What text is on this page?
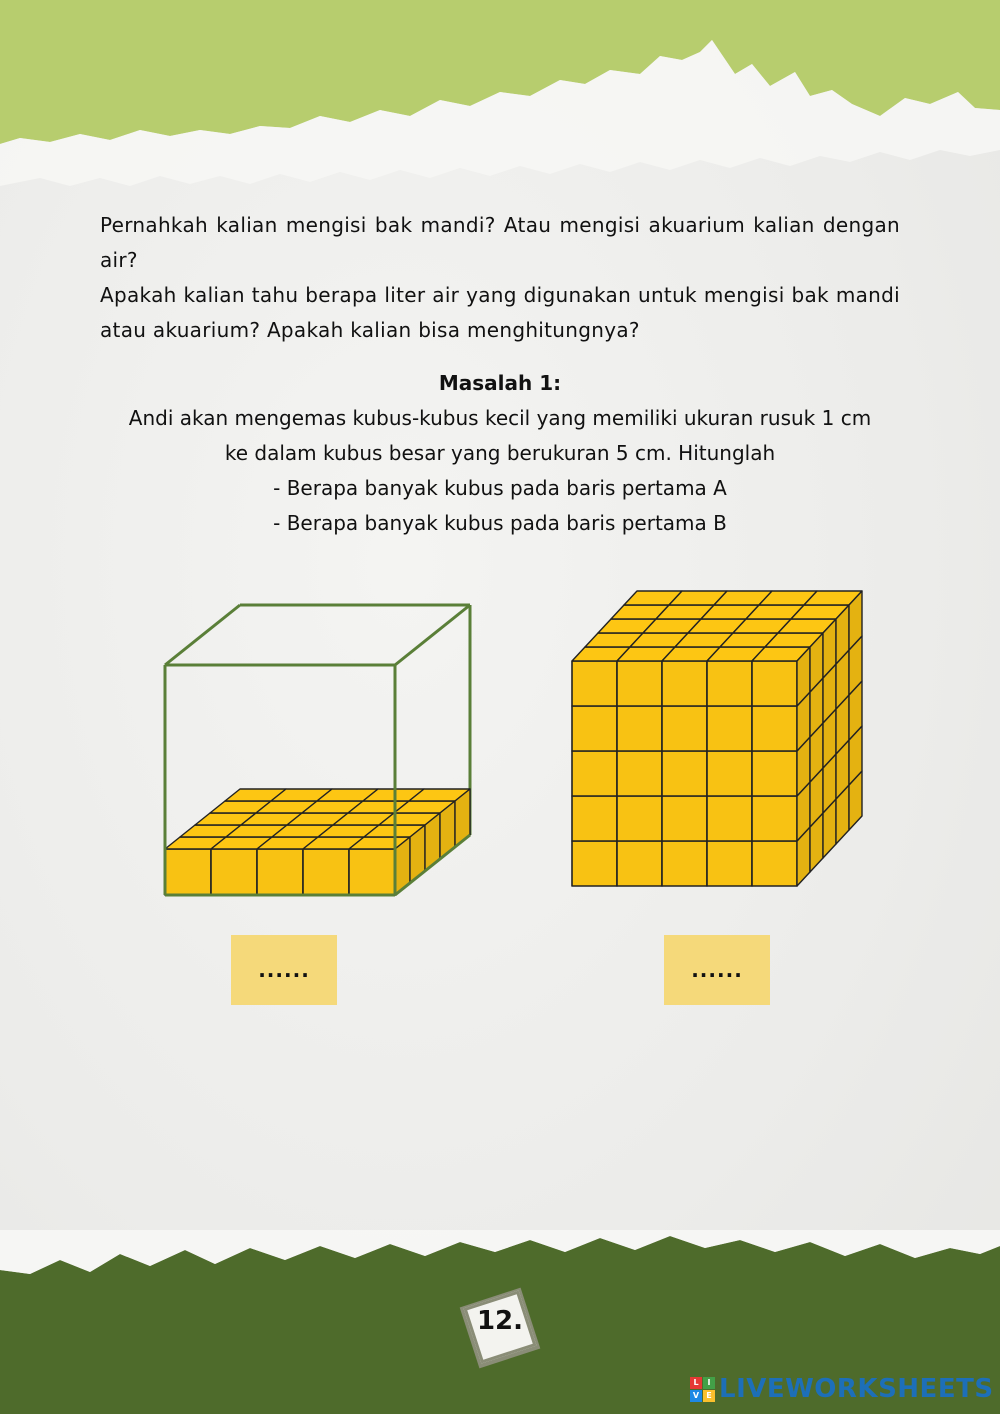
Pernahkah kalian mengisi bak mandi? Atau mengisi akuarium kalian dengan air?

Apakah kalian tahu berapa liter air yang digunakan untuk mengisi bak mandi atau akuarium? Apakah kalian bisa menghitungnya?

Masalah 1:
Andi akan mengemas kubus-kubus kecil yang memiliki ukuran rusuk 1 cm
ke dalam kubus besar yang berukuran 5 cm. Hitunglah
- Berapa banyak kubus pada baris pertama A
- Berapa banyak kubus pada baris pertama B
......	......
12.
L	I
V E LIVEWORKSHEETS
